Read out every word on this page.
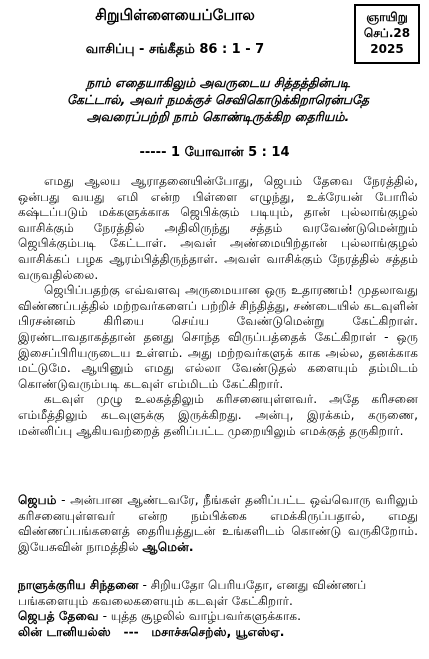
சிறுபிள்ளையைப்போல
வாசிப்பு - சங்கீதம் 86 : 1 - 7
ஞாயிறு
செப்.28
2025
நாம் எதையாகிலும் அவருடைய சித்தத்தின்படி
கேட்டால், அவர் நமக்குச் செவிகொடுக்கிறாரென்பதே
அவரைப்பற்றி நாம் கொண்டிருக்கிற தைரியம்.
----- 1 யோவான் 5 : 14

எமது ஆலய ஆராதனையின்போது, ஜெபம் தேவை நேரத்தில், ஒன்பது வயது எமி என்ற பிள்ளை எழுந்து, உக்ரேயன் போரில் கஷ்டப்படும் மக்களுக்காக ஜெபிக்கும் படியும், தான் புல்லாங்குழல் வாசிக்கும் நேரத்தில் அதிலிருந்து சத்தம் வரவேண்டுமென்றும் ஜெபிக்கும்படி கேட்டாள். அவள் அண்மையிற்தான் புல்லாங்குழல் வாசிக்கப் பழக ஆரம்பித்திருந்தாள். அவள் வாசிக்கும் நேரத்தில் சத்தம் வருவதில்லை.

ஜெபிப்பதற்கு எவ்வளவு அருமையான ஒரு உதாரணம்! முதலாவது விண்ணப்பத்தில் மற்றவர்களைப் பற்றிச் சிந்தித்து, சண்டையில் கடவுளின் பிரசன்னம் கிரியை செய்ய வேண்டுமென்று கேட்கிறாள். இரண்டாவதாகத்தான் தனது சொந்த விருப்பத்தைக் கேட்கிறாள் - ஒரு இசைப்பிரியருடைய உள்ளம். அது மற்றவர்களுக் காக அல்ல, தனக்காக மட்டுமே. ஆயினும் எமது எல்லா வேண்டுதல் களையும் தம்மிடம் கொண்டுவரும்படி கடவுள் எம்மிடம் கேட்கிறார்.

கடவுள் முழு உலகத்திலும் கரிசனையுள்ளவர். அதே கரிசனை எம்மீத்திலும் கடவுளுக்கு இருக்கிறது. அன்பு, இரக்கம், கருணை, மன்னிப்பு ஆகியவற்றைத் தனிப்பட்ட முறையிலும் எமக்குத் தருகிறார்.

ஜெபம் - அன்பான ஆண்டவரே, நீங்கள் தனிப்பட்ட ஒவ்வொரு வரிலும் கரிசனையுள்ளவர் என்ற நம்பிக்கை எமக்கிருப்பதால், எமது விண்ணப்பங்களைத் தைரியத்துடன் உங்களிடம் கொண்டு வருகிறோம். இயேசுவின் நாமத்தில் ஆமென்.
நாளுக்குரிய சிந்தனை - சிறியதோ பெரியதோ, எனது விண்ணப் பங்களையும் கவலைகளையும் கடவுள் கேட்கிறார்.
ஜெபத் தேவை - யுத்த சூழலில் வாழ்பவர்களுக்காக.
லின் டானியல்ஸ்   ---   மசாச்சுசெற்ஸ், யூஎஸ்ஏ.
